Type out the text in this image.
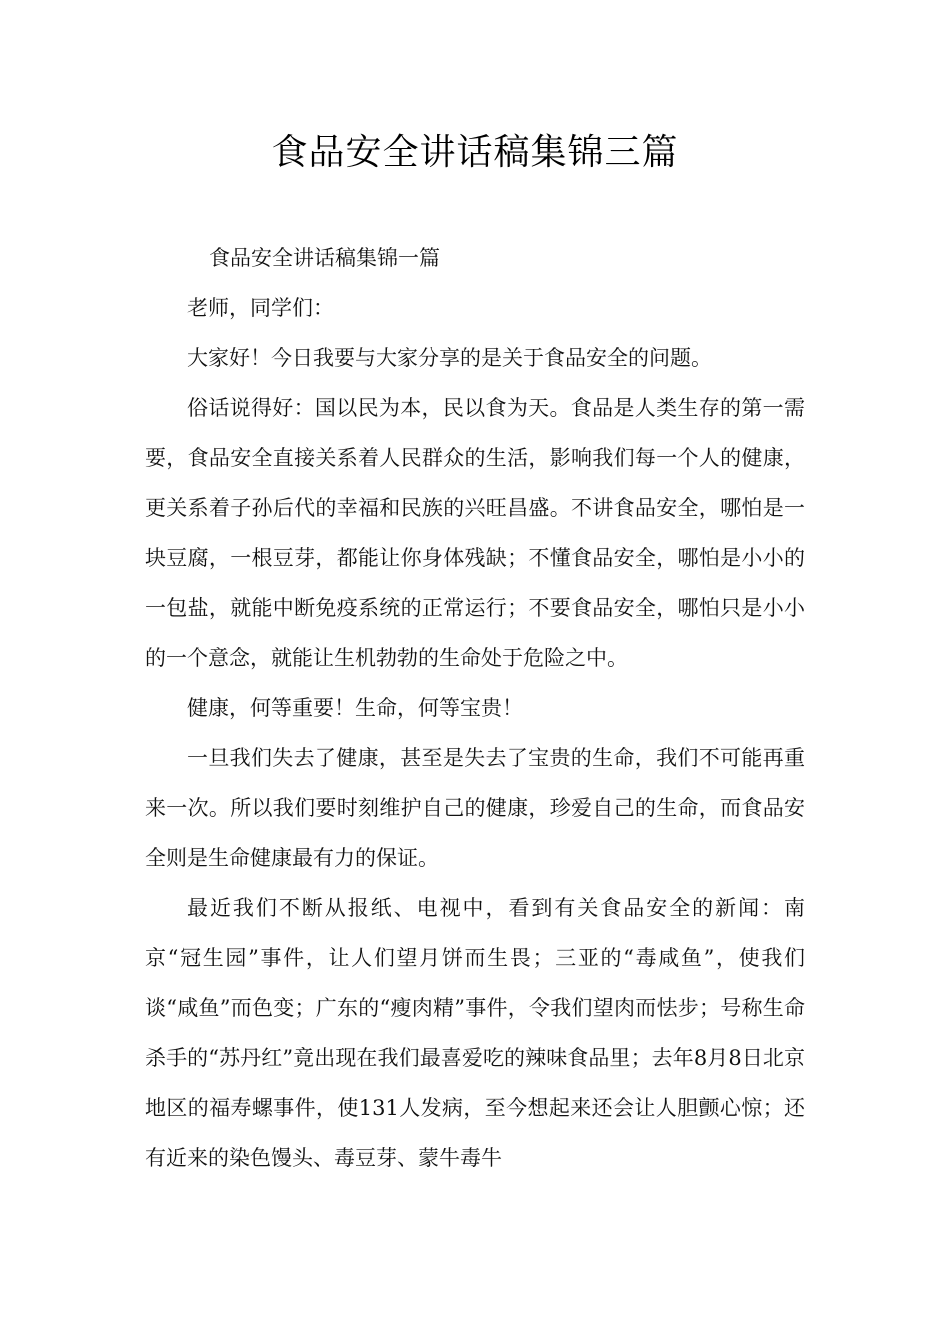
食品安全讲话稿集锦三篇

食品安全讲话稿集锦一篇

老师，同学们：

大家好！今日我要与大家分享的是关于食品安全的问题。

俗话说得好：国以民为本，民以食为天。食品是人类生存的第一需要，食品安全直接关系着人民群众的生活，影响我们每一个人的健康，更关系着子孙后代的幸福和民族的兴旺昌盛。不讲食品安全，哪怕是一块豆腐，一根豆芽，都能让你身体残缺；不懂食品安全，哪怕是小小的一包盐，就能中断免疫系统的正常运行；不要食品安全，哪怕只是小小的一个意念，就能让生机勃勃的生命处于危险之中。

健康，何等重要！生命，何等宝贵！

一旦我们失去了健康，甚至是失去了宝贵的生命，我们不可能再重来一次。所以我们要时刻维护自己的健康，珍爱自己的生命，而食品安全则是生命健康最有力的保证。

最近我们不断从报纸、电视中，看到有关食品安全的新闻：南京“冠生园”事件，让人们望月饼而生畏；三亚的“毒咸鱼”，使我们谈“咸鱼”而色变；广东的“瘦肉精”事件，令我们望肉而怯步；号称生命杀手的“苏丹红”竟出现在我们最喜爱吃的辣味食品里；去年8月8日北京地区的福寿螺事件，使131人发病，至今想起来还会让人胆颤心惊；还有近来的染色馒头、毒豆芽、蒙牛毒牛
